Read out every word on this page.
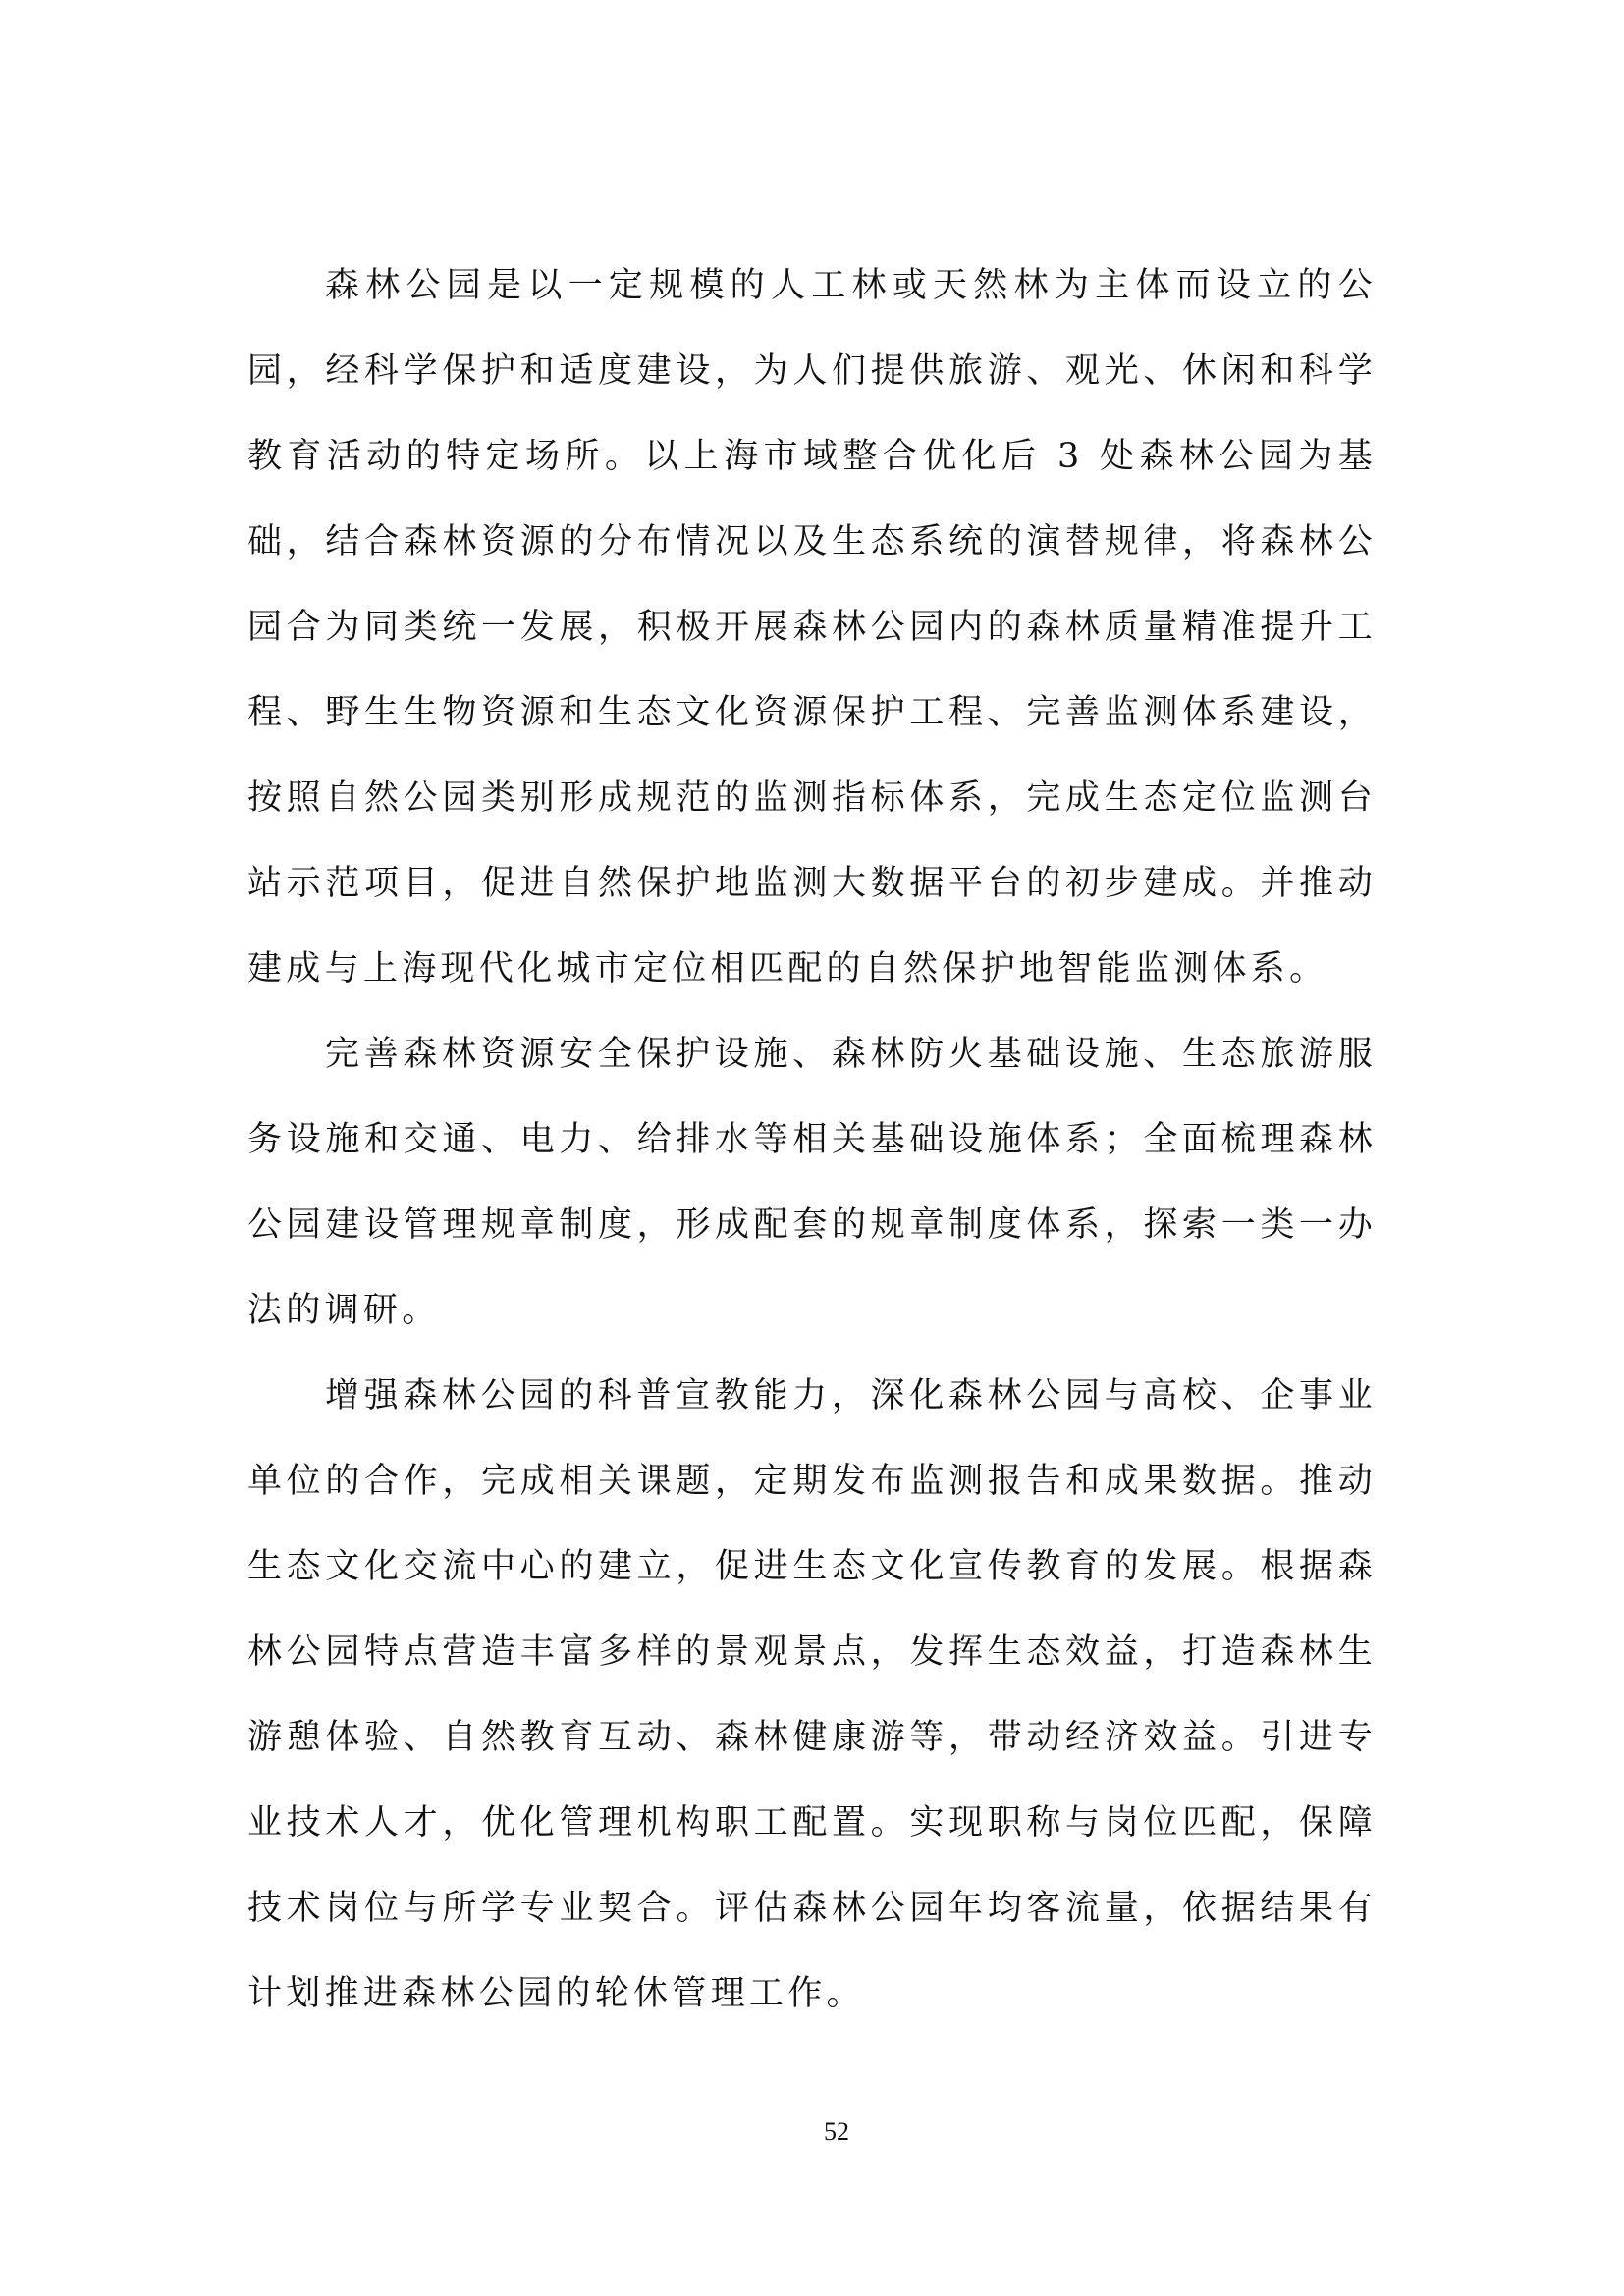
森林公园是以一定规模的人工林或天然林为主体而设立的公园，经科学保护和适度建设，为人们提供旅游、观光、休闲和科学教育活动的特定场所。以上海市域整合优化后 3 处森林公园为基础，结合森林资源的分布情况以及生态系统的演替规律，将森林公园合为同类统一发展，积极开展森林公园内的森林质量精准提升工程、野生生物资源和生态文化资源保护工程、完善监测体系建设，按照自然公园类别形成规范的监测指标体系，完成生态定位监测台站示范项目，促进自然保护地监测大数据平台的初步建成。并推动建成与上海现代化城市定位相匹配的自然保护地智能监测体系。

完善森林资源安全保护设施、森林防火基础设施、生态旅游服务设施和交通、电力、给排水等相关基础设施体系；全面梳理森林公园建设管理规章制度，形成配套的规章制度体系，探索一类一办法的调研。

增强森林公园的科普宣教能力，深化森林公园与高校、企事业单位的合作，完成相关课题，定期发布监测报告和成果数据。推动生态文化交流中心的建立，促进生态文化宣传教育的发展。根据森林公园特点营造丰富多样的景观景点，发挥生态效益，打造森林生游憩体验、自然教育互动、森林健康游等，带动经济效益。引进专业技术人才，优化管理机构职工配置。实现职称与岗位匹配，保障技术岗位与所学专业契合。评估森林公园年均客流量，依据结果有计划推进森林公园的轮休管理工作。

52
